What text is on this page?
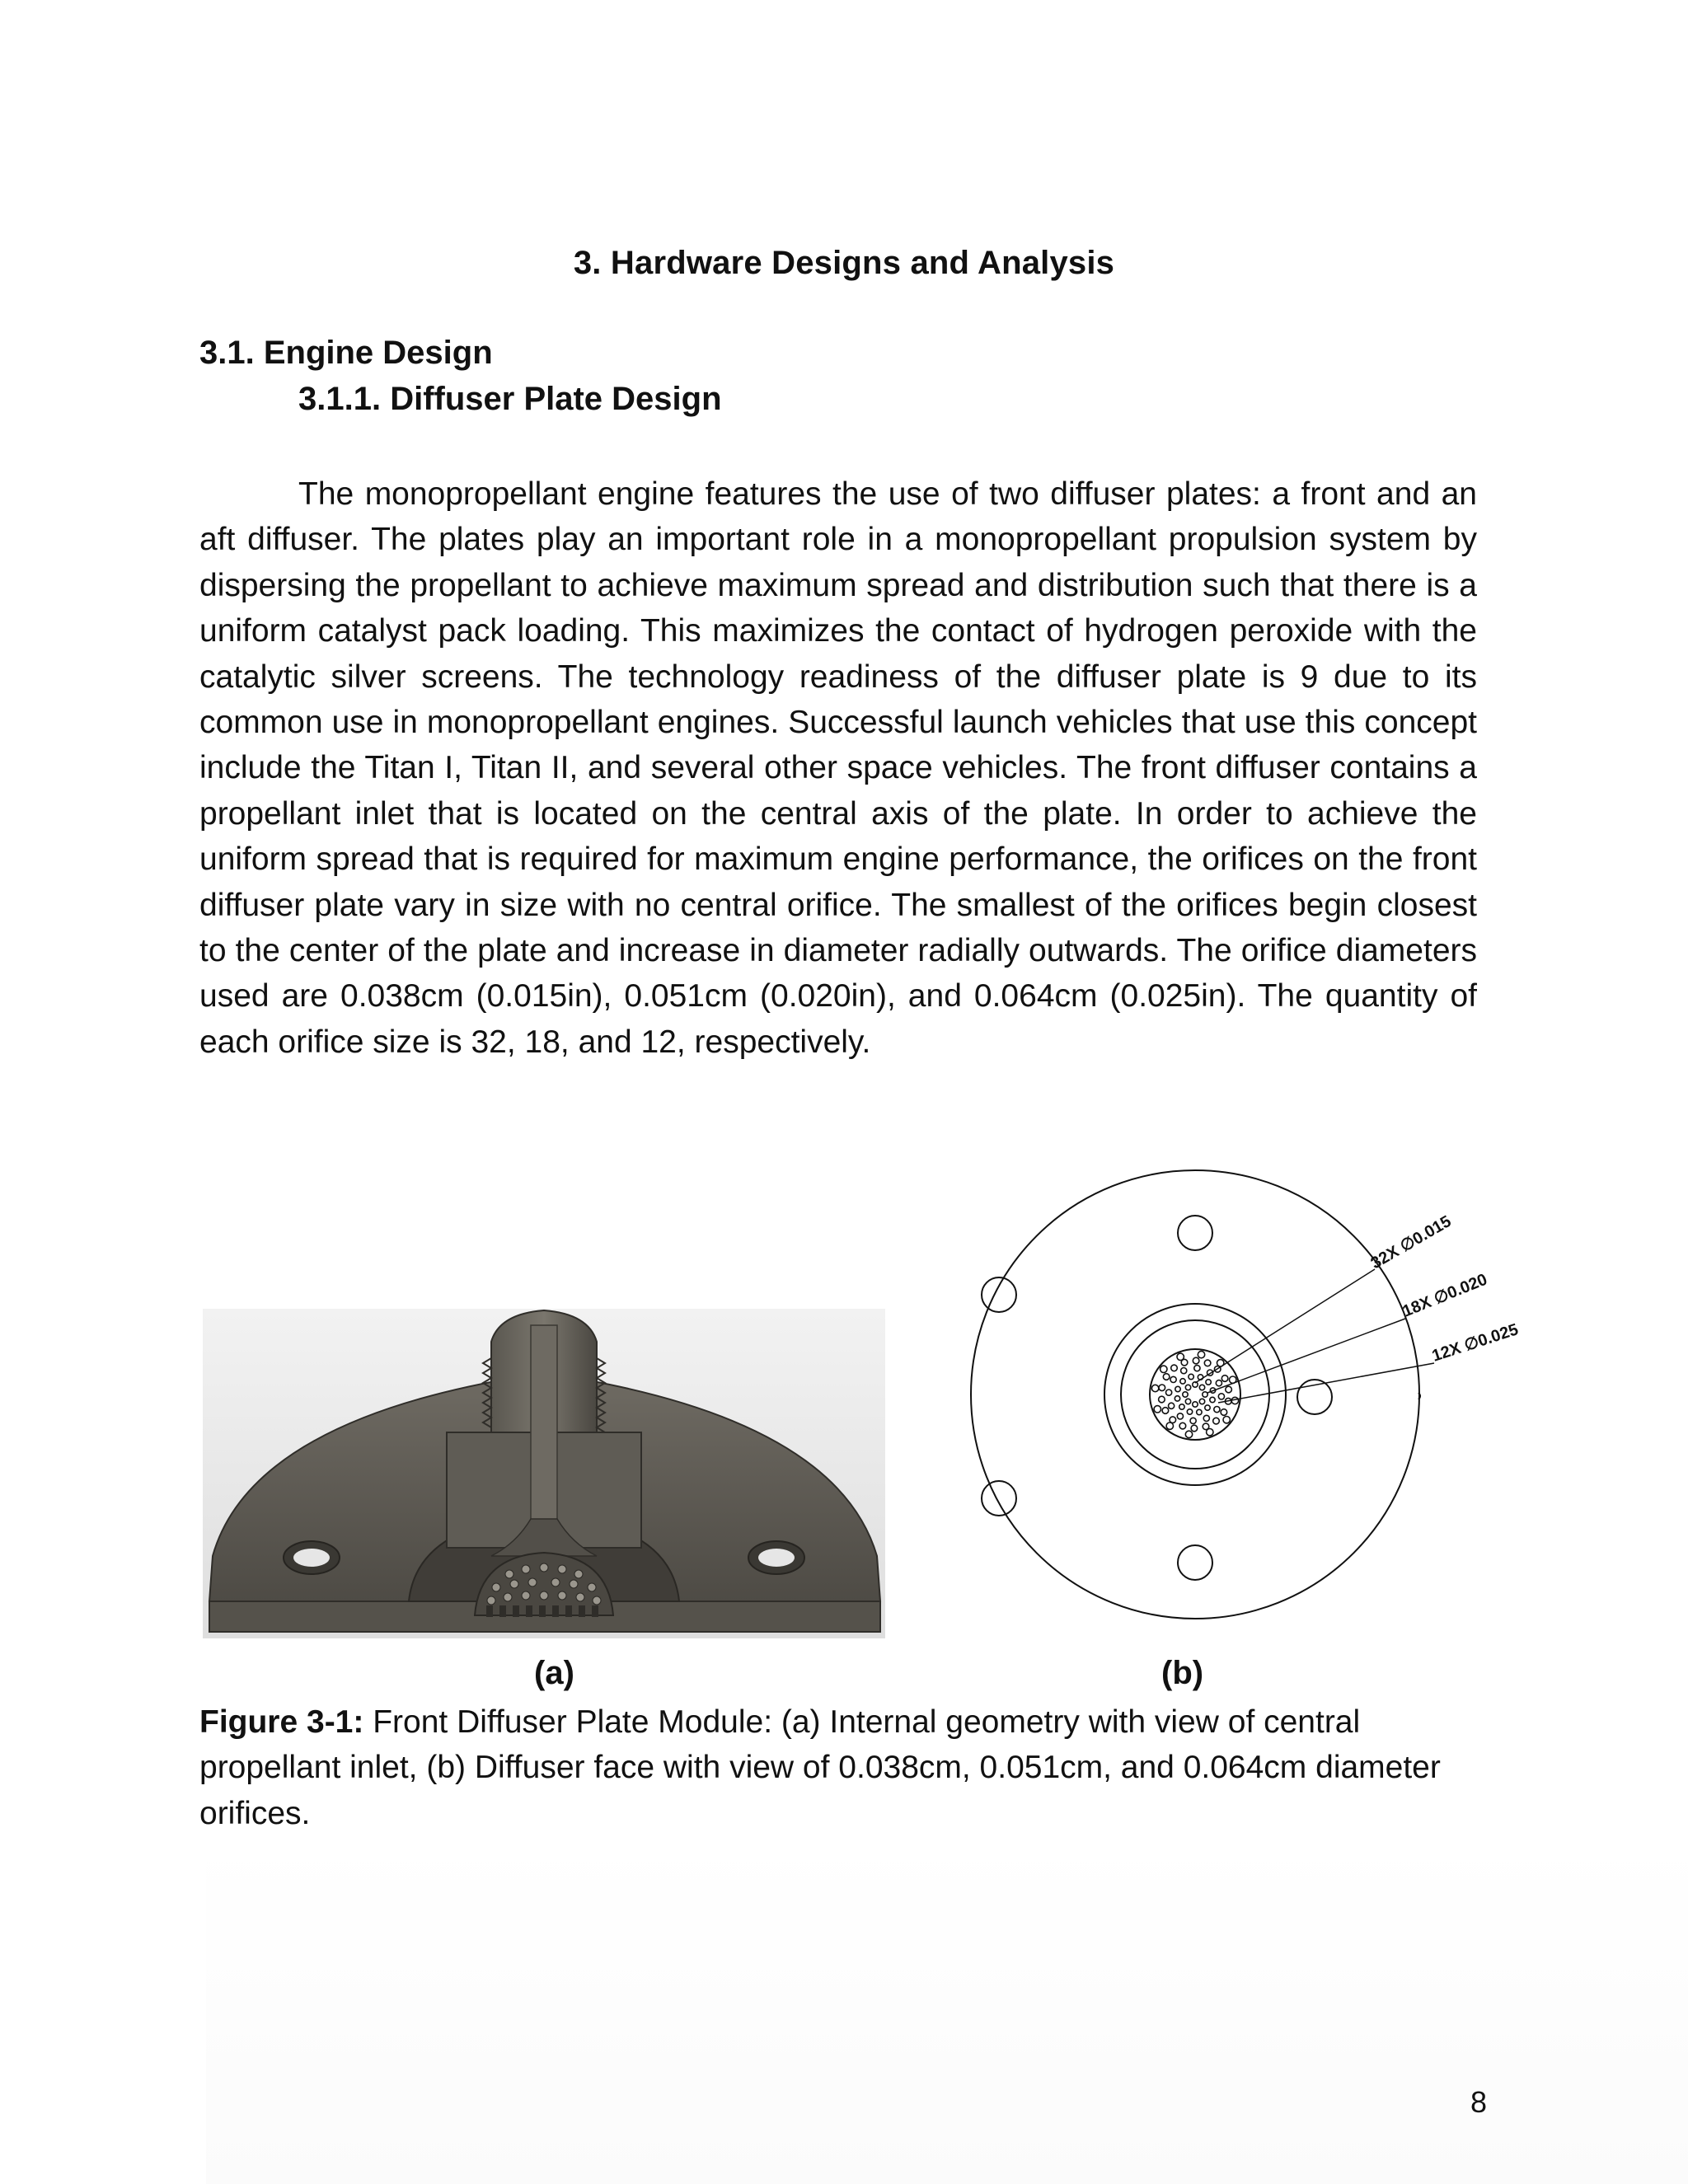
3. Hardware Designs and Analysis
3.1. Engine Design
3.1.1. Diffuser Plate Design

The monopropellant engine features the use of two diffuser plates: a front and an aft diffuser. The plates play an important role in a monopropellant propulsion system by dispersing the propellant to achieve maximum spread and distribution such that there is a uniform catalyst pack loading. This maximizes the contact of hydrogen peroxide with the catalytic silver screens. The technology readiness of the diffuser plate is 9 due to its common use in monopropellant engines. Successful launch vehicles that use this concept include the Titan I, Titan II, and several other space vehicles. The front diffuser contains a propellant inlet that is located on the central axis of the plate. In order to achieve the uniform spread that is required for maximum engine performance, the orifices on the front diffuser plate vary in size with no central orifice. The smallest of the orifices begin closest to the center of the plate and increase in diameter radially outwards. The orifice diameters used are 0.038cm (0.015in), 0.051cm (0.020in), and 0.064cm (0.025in). The quantity of each orifice size is 32, 18, and 12, respectively.

32X ∅0.015
18X ∅0.020
12X ∅0.025
(a)	(b)

Figure 3-1: Front Diffuser Plate Module: (a) Internal geometry with view of central propellant inlet, (b) Diffuser face with view of 0.038cm, 0.051cm, and 0.064cm diameter orifices.

8
